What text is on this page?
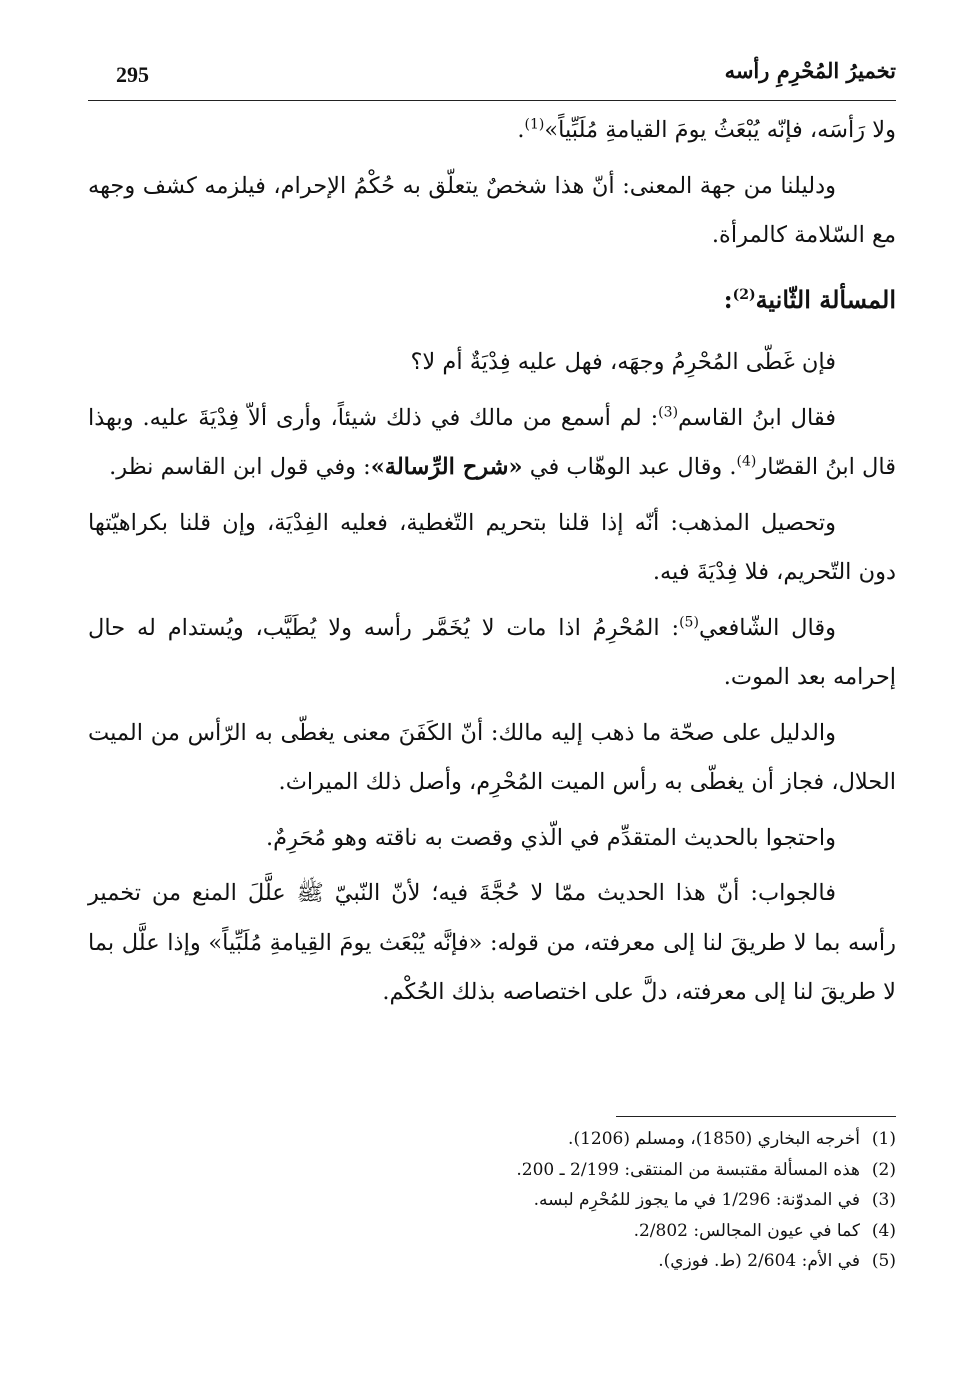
295	تخميرُ المُحْرِمِ رأسه

ولا رَأسَه، فإنّه يُبْعَثُ يومَ القيامةِ مُلَبِّياً»$^{(1)}$.

ودليلنا من جهة المعنى: أنّ هذا شخصٌ يتعلّق به حُكْمُ الإحرام، فيلزمه كشف وجهه مع السّلامة كالمرأة.

المسألة الثّانية$^{(2)}$:

فإن غَطّى المُحْرِمُ وجهَه، فهل عليه فِدْيَةٌ أم لا؟

فقال ابنُ القاسم$^{(3)}$: لم أسمع من مالك في ذلك شيئاً، وأرى ألاّ فِدْيَةَ عليه. وبهذا قال ابنُ القصّار$^{(4)}$. وقال عبد الوهّاب في «شرح الرِّسالة»: وفي قول ابن القاسم نظر.

وتحصيل المذهب: أنّه إذا قلنا بتحريم التّغطية، فعليه الفِدْيَة، وإن قلنا بكراهيّتها دون التّحريم، فلا فِدْيَةَ فيه.

وقال الشّافعي$^{(5)}$: المُحْرِمُ اذا مات لا يُخَمَّر رأسه ولا يُطَيَّب، ويُستدام له حال إحرامه بعد الموت.

والدليل على صحّة ما ذهب إليه مالك: أنّ الكَفَنَ معنى يغطّى به الرّأس من الميت الحلال، فجاز أن يغطّى به رأس الميت المُحْرِم، وأصل ذلك الميراث.

واحتجوا بالحديث المتقدِّم في الّذي وقصت به ناقته وهو مُحَرِمٌ.

فالجواب: أنّ هذا الحديث ممّا لا حُجَّةَ فيه؛ لأنّ النّبيّ ﷺ علَّلَ المنع من تخمير رأسه بما لا طريقَ لنا إلى معرفته، من قوله: «فإنَّه يُبْعَث يومَ القِيامةِ مُلَبِّياً» وإذا علَّل بما لا طريقَ لنا إلى معرفته، دلَّ على اختصاصه بذلك الحُكْم.

(1)أخرجه البخاري (1850)، ومسلم (1206).
(2)هذه المسألة مقتبسة من المنتقى: 2/199 ـ 200.
(3)في المدوّنة: 1/296 في ما يجوز للمُحْرِم لبسه.
(4)كما في عيون المجالس: 2/802.
(5)في الأم: 2/604 (ط. فوزي).
